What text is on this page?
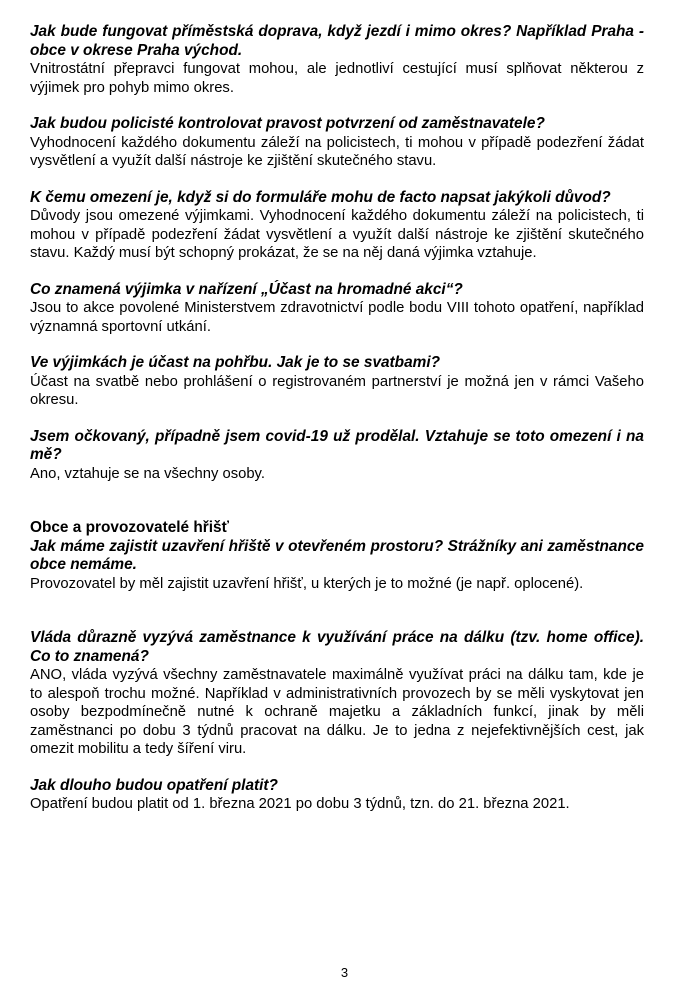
Jak bude fungovat příměstská doprava, když jezdí i mimo okres? Například Praha - obce v okrese Praha východ.

Vnitrostátní přepravci fungovat mohou, ale jednotliví cestující musí splňovat některou z výjimek pro pohyb mimo okres.

Jak budou policisté kontrolovat pravost potvrzení od zaměstnavatele?

Vyhodnocení každého dokumentu záleží na policistech, ti mohou v případě podezření žádat vysvětlení a využít další nástroje ke zjištění skutečného stavu.

K čemu omezení je, když si do formuláře mohu de facto napsat jakýkoli důvod?

Důvody jsou omezené výjimkami. Vyhodnocení každého dokumentu záleží na policistech, ti mohou v případě podezření žádat vysvětlení a využít další nástroje ke zjištění skutečného stavu. Každý musí být schopný prokázat, že se na něj daná výjimka vztahuje.

Co znamená výjimka v nařízení „Účast na hromadné akci“?

Jsou to akce povolené Ministerstvem zdravotnictví podle bodu VIII tohoto opatření, například významná sportovní utkání.

Ve výjimkách je účast na pohřbu. Jak je to se svatbami?

Účast na svatbě nebo prohlášení o registrovaném partnerství je možná jen v rámci Vašeho okresu.

Jsem očkovaný, případně jsem covid-19 už prodělal. Vztahuje se toto omezení i na mě?

Ano, vztahuje se na všechny osoby.

Obce a provozovatelé hřišť

Jak máme zajistit uzavření hřiště v otevřeném prostoru? Strážníky ani zaměstnance obce nemáme.

Provozovatel by měl zajistit uzavření hřišť, u kterých je to možné (je např. oplocené).

Vláda důrazně vyzývá zaměstnance k využívání práce na dálku (tzv. home office). Co to znamená?

ANO, vláda vyzývá všechny zaměstnavatele maximálně využívat práci na dálku tam, kde je to alespoň trochu možné. Například v administrativních provozech by se měli vyskytovat jen osoby bezpodmínečně nutné k ochraně majetku a základních funkcí, jinak by měli zaměstnanci po dobu 3 týdnů pracovat na dálku. Je to jedna z nejefektivnějších cest, jak omezit mobilitu a tedy šíření viru.

Jak dlouho budou opatření platit?

Opatření budou platit od 1. března 2021 po dobu 3 týdnů, tzn. do 21. března 2021.

3
